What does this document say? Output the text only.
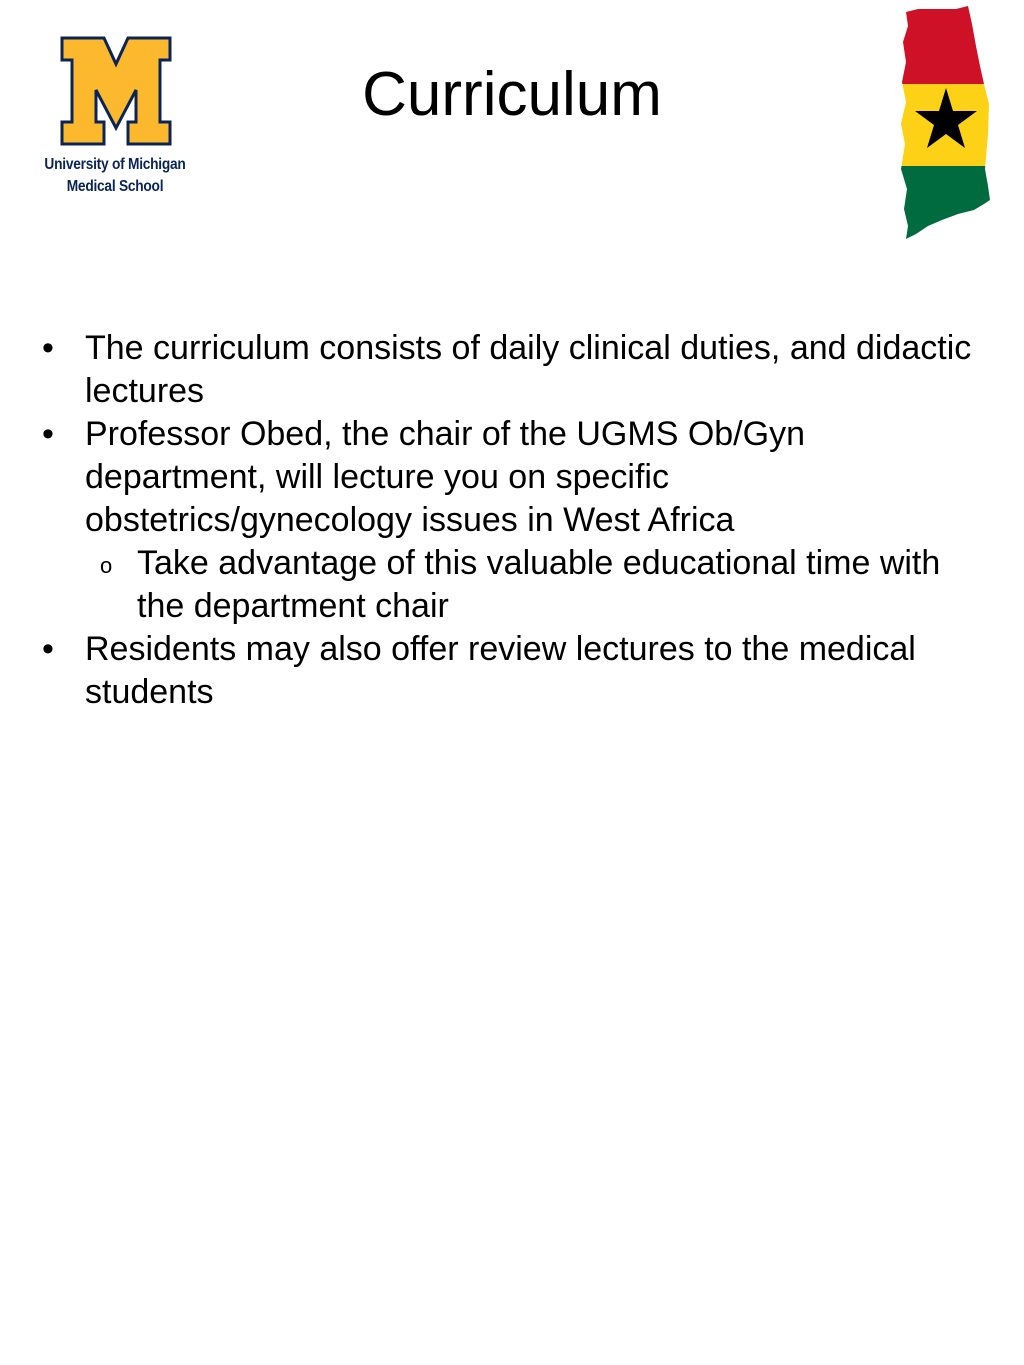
University of Michigan
Medical School
Curriculum
• The curriculum consists of daily clinical duties, and didactic lectures
• Professor Obed, the chair of the UGMS Ob/Gyn department, will lecture you on specific obstetrics/gynecology issues in West Africa
o Take advantage of this valuable educational time with the department chair
• Residents may also offer review lectures to the medical students
